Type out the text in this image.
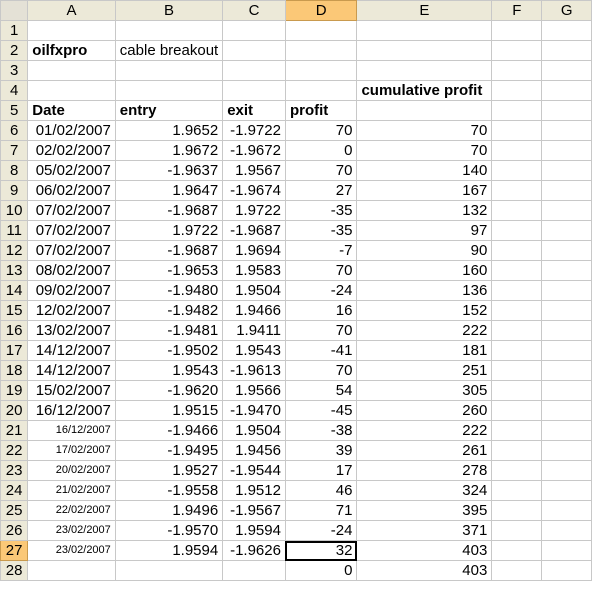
	A	B	C	D	E	F	G
1							
2	oilfxpro	cable breakout					
3							
4					cumulative profit		
5	Date	entry	exit	profit			
6	01/02/2007	1.9652	-1.9722	70	70		
7	02/02/2007	1.9672	-1.9672	0	70		
8	05/02/2007	-1.9637	1.9567	70	140		
9	06/02/2007	1.9647	-1.9674	27	167		
10	07/02/2007	-1.9687	1.9722	-35	132		
11	07/02/2007	1.9722	-1.9687	-35	97		
12	07/02/2007	-1.9687	1.9694	-7	90		
13	08/02/2007	-1.9653	1.9583	70	160		
14	09/02/2007	-1.9480	1.9504	-24	136		
15	12/02/2007	-1.9482	1.9466	16	152		
16	13/02/2007	-1.9481	1.9411	70	222		
17	14/12/2007	-1.9502	1.9543	-41	181		
18	14/12/2007	1.9543	-1.9613	70	251		
19	15/02/2007	-1.9620	1.9566	54	305		
20	16/12/2007	1.9515	-1.9470	-45	260		
21	16/12/2007	-1.9466	1.9504	-38	222		
22	17/02/2007	-1.9495	1.9456	39	261		
23	20/02/2007	1.9527	-1.9544	17	278		
24	21/02/2007	-1.9558	1.9512	46	324		
25	22/02/2007	1.9496	-1.9567	71	395		
26	23/02/2007	-1.9570	1.9594	-24	371		
27	23/02/2007	1.9594	-1.9626	32	403		
28				0	403		
